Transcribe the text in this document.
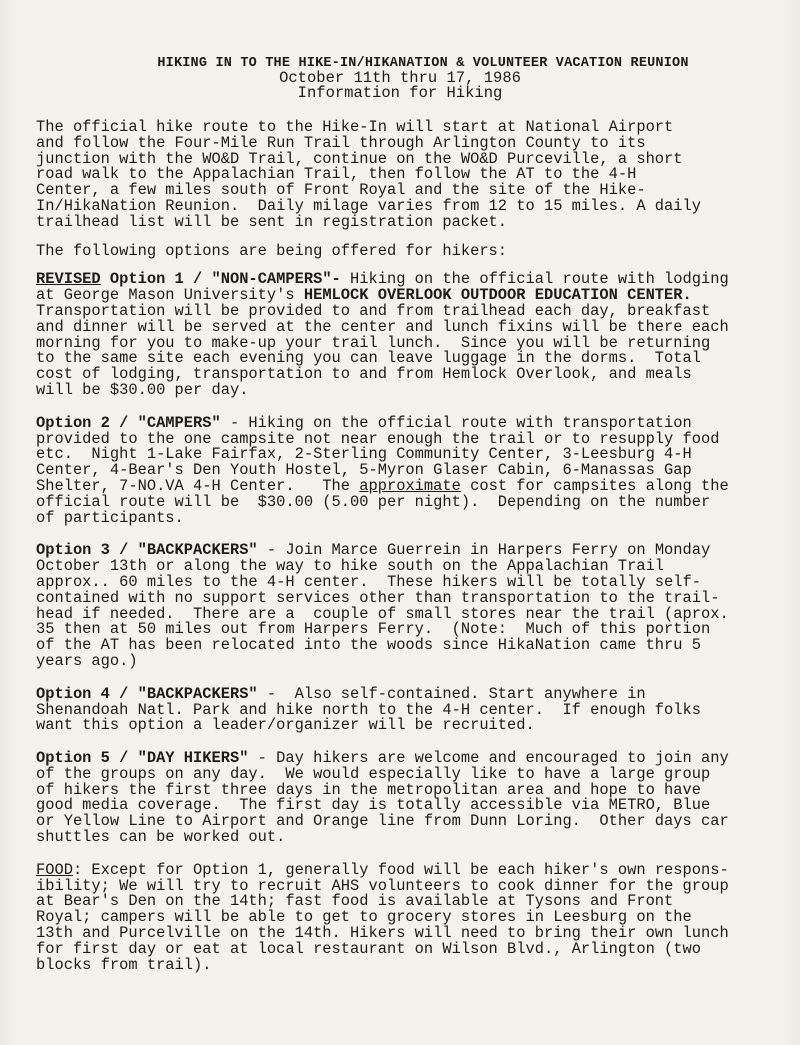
HIKING IN TO THE HIKE-IN/HIKANATION & VOLUNTEER VACATION REUNION
October 11th thru 17, 1986
Information for Hiking
The official hike route to the Hike-In will start at National Airport
and follow the Four-Mile Run Trail through Arlington County to its
junction with the WO&D Trail, continue on the WO&D Purceville, a short
road walk to the Appalachian Trail, then follow the AT to the 4-H
Center, a few miles south of Front Royal and the site of the Hike-
In/HikaNation Reunion.  Daily milage varies from 12 to 15 miles. A daily
trailhead list will be sent in registration packet.
The following options are being offered for hikers:
REVISED Option 1 / "NON-CAMPERS"- Hiking on the official route with lodging
at George Mason University's HEMLOCK OVERLOOK OUTDOOR EDUCATION CENTER.
Transportation will be provided to and from trailhead each day, breakfast
and dinner will be served at the center and lunch fixins will be there each
morning for you to make-up your trail lunch.  Since you will be returning
to the same site each evening you can leave luggage in the dorms.  Total
cost of lodging, transportation to and from Hemlock Overlook, and meals
will be $30.00 per day.
Option 2 / "CAMPERS" - Hiking on the official route with transportation
provided to the one campsite not near enough the trail or to resupply food
etc.  Night 1-Lake Fairfax, 2-Sterling Community Center, 3-Leesburg 4-H
Center, 4-Bear's Den Youth Hostel, 5-Myron Glaser Cabin, 6-Manassas Gap
Shelter, 7-NO.VA 4-H Center.   The approximate cost for campsites along the
official route will be  $30.00 (5.00 per night).  Depending on the number
of participants.
Option 3 / "BACKPACKERS" - Join Marce Guerrein in Harpers Ferry on Monday
October 13th or along the way to hike south on the Appalachian Trail
approx.. 60 miles to the 4-H center.  These hikers will be totally self-
contained with no support services other than transportation to the trail-
head if needed.  There are a  couple of small stores near the trail (aprox.
35 then at 50 miles out from Harpers Ferry.  (Note:  Much of this portion
of the AT has been relocated into the woods since HikaNation came thru 5
years ago.)
Option 4 / "BACKPACKERS" -  Also self-contained. Start anywhere in
Shenandoah Natl. Park and hike north to the 4-H center.  If enough folks
want this option a leader/organizer will be recruited.
Option 5 / "DAY HIKERS" - Day hikers are welcome and encouraged to join any
of the groups on any day.  We would especially like to have a large group
of hikers the first three days in the metropolitan area and hope to have
good media coverage.  The first day is totally accessible via METRO, Blue
or Yellow Line to Airport and Orange line from Dunn Loring.  Other days car
shuttles can be worked out.
FOOD: Except for Option 1, generally food will be each hiker's own respons-
ibility; We will try to recruit AHS volunteers to cook dinner for the group
at Bear's Den on the 14th; fast food is available at Tysons and Front
Royal; campers will be able to get to grocery stores in Leesburg on the
13th and Purcelville on the 14th. Hikers will need to bring their own lunch
for first day or eat at local restaurant on Wilson Blvd., Arlington (two
blocks from trail).
